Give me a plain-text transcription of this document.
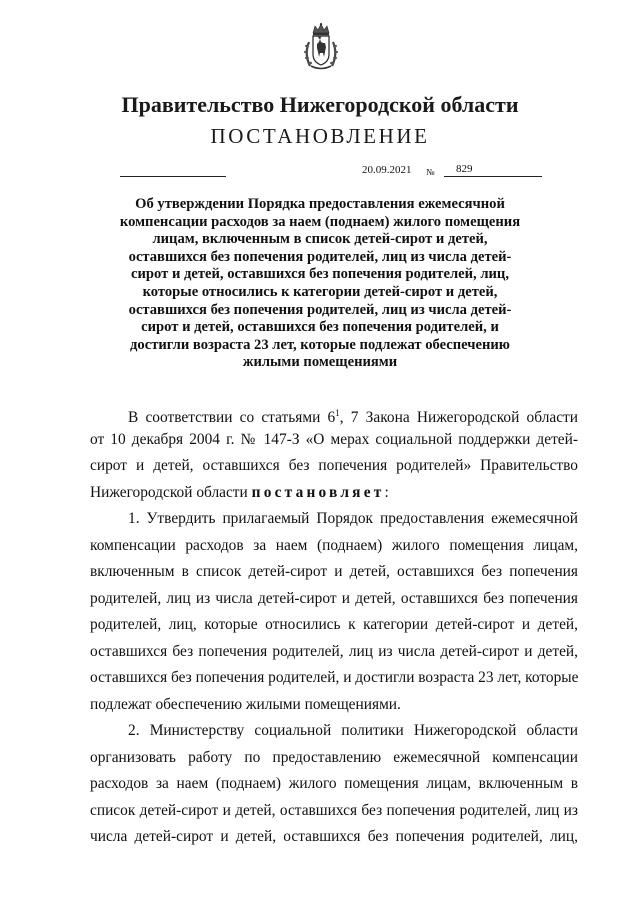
Правительство Нижегородской области
ПОСТАНОВЛЕНИЕ
20.09.2021 №	829
Об утверждении Порядка предоставления ежемесячной
компенсации расходов за наем (поднаем) жилого помещения
лицам, включенным в список детей-сирот и детей,
оставшихся без попечения родителей, лиц из числа детей-
сирот и детей, оставшихся без попечения родителей, лиц,
которые относились к категории детей-сирот и детей,
оставшихся без попечения родителей, лиц из числа детей-
сирот и детей, оставшихся без попечения родителей, и
достигли возраста 23 лет, которые подлежат обеспечению
жилыми помещениями
В соответствии со статьями $6^1$, 7 Закона Нижегородской области
от 10 декабря 2004 г. № 147-З «О мерах социальной поддержки детей-
сирот и детей, оставшихся без попечения родителей» Правительство
Нижегородской области постановляет:
1. Утвердить прилагаемый Порядок предоставления ежемесячной
компенсации расходов за наем (поднаем) жилого помещения лицам,
включенным в список детей-сирот и детей, оставшихся без попечения
родителей, лиц из числа детей-сирот и детей, оставшихся без попечения
родителей, лиц, которые относились к категории детей-сирот и детей,
оставшихся без попечения родителей, лиц из числа детей-сирот и детей,
оставшихся без попечения родителей, и достигли возраста 23 лет, которые
подлежат обеспечению жилыми помещениями.
2. Министерству социальной политики Нижегородской области
организовать работу по предоставлению ежемесячной компенсации
расходов за наем (поднаем) жилого помещения лицам, включенным в
список детей-сирот и детей, оставшихся без попечения родителей, лиц из
числа детей-сирот и детей, оставшихся без попечения родителей, лиц,
